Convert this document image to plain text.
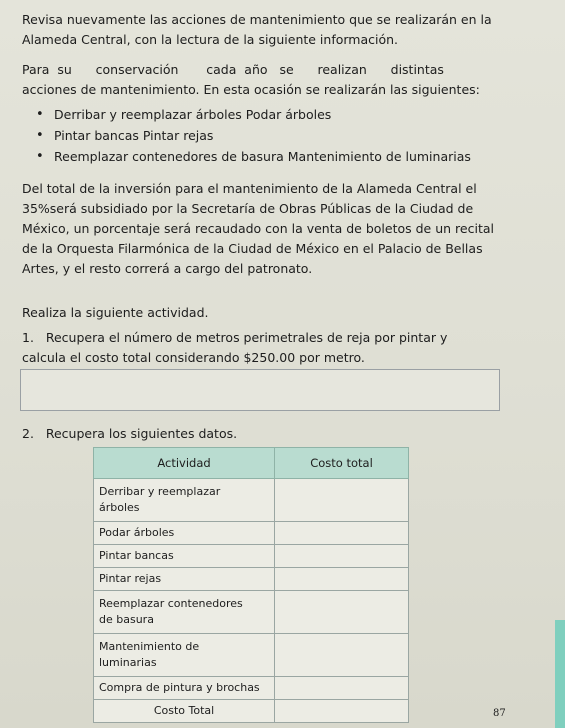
Revisa nuevamente las acciones de mantenimiento que se realizarán en la

Alameda Central, con la lectura de la siguiente información.

Para  su      conservación       cada  año   se      realizan      distintas

acciones de mantenimiento. En esta ocasión se realizarán las siguientes:

• Derribar y reemplazar árboles Podar árboles
• Pintar bancas Pintar rejas
• Reemplazar contenedores de basura Mantenimiento de luminarias
Del total de la inversión para el mantenimiento de la Alameda Central el
35%será subsidiado por la Secretaría de Obras Públicas de la Ciudad de
México, un porcentaje será recaudado con la venta de boletos de un recital
de la Orquesta Filarmónica de la Ciudad de México en el Palacio de Bellas
Artes, y el resto correrá a cargo del patronato.
Realiza la siguiente actividad.
1.   Recupera el número de metros perimetrales de reja por pintar y
calcula el costo total considerando $250.00 por metro.
2.   Recupera los siguientes datos.
Actividad	Costo total
Derribar y reemplazar
árboles	
Podar árboles	
Pintar bancas	
Pintar rejas	
Reemplazar contenedores
de basura	
Mantenimiento de
luminarias	
Compra de pintura y brochas	
Costo Total		87
